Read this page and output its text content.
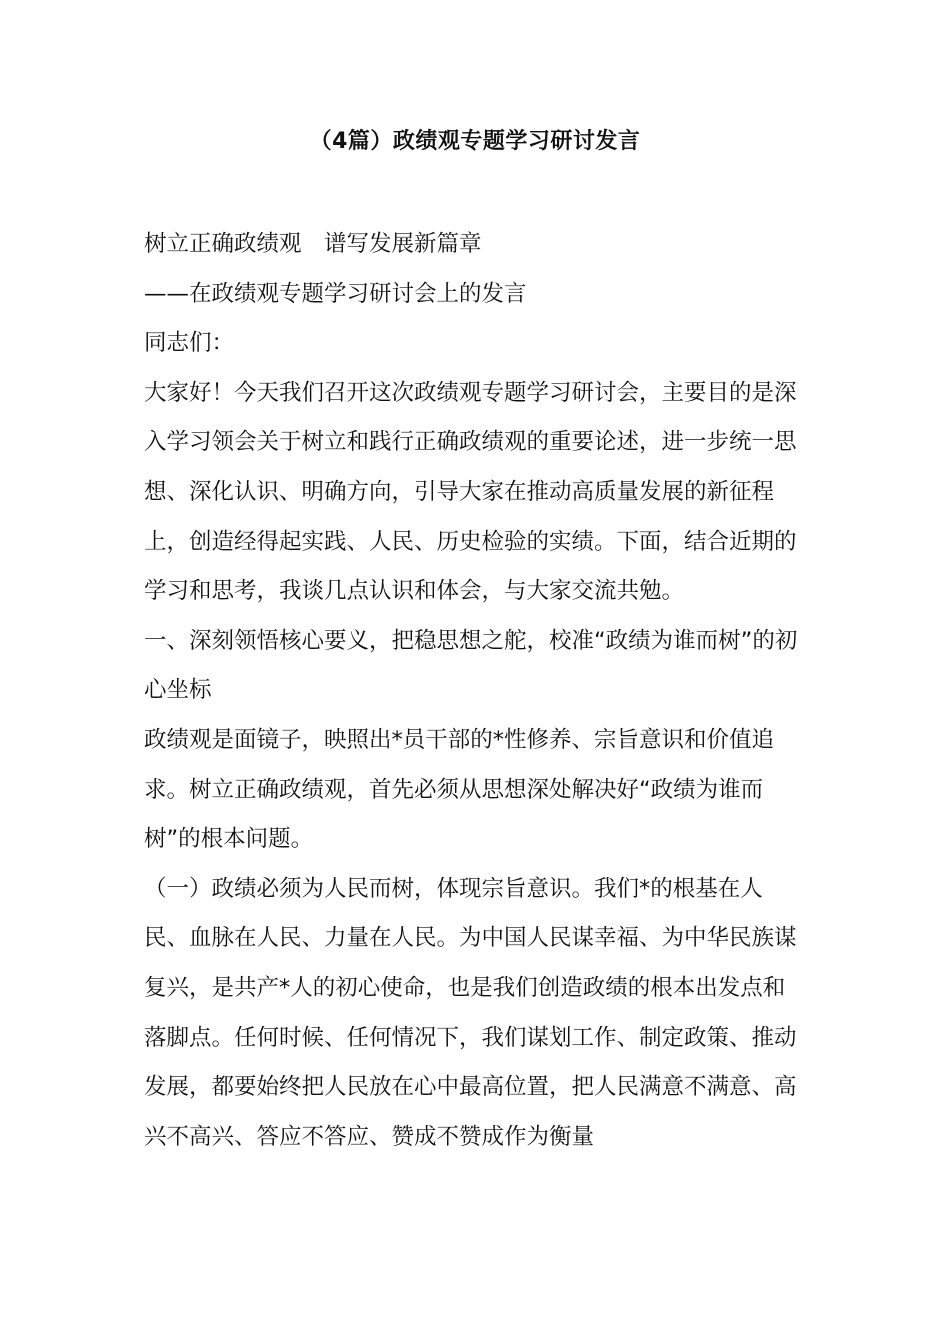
（4篇）政绩观专题学习研讨发言

树立正确政绩观　谱写发展新篇章

——在政绩观专题学习研讨会上的发言

同志们：

大家好！今天我们召开这次政绩观专题学习研讨会，主要目的是深入学习领会关于树立和践行正确政绩观的重要论述，进一步统一思想、深化认识、明确方向，引导大家在推动高质量发展的新征程上，创造经得起实践、人民、历史检验的实绩。下面，结合近期的学习和思考，我谈几点认识和体会，与大家交流共勉。

一、深刻领悟核心要义，把稳思想之舵，校准“政绩为谁而树”的初心坐标

政绩观是面镜子，映照出*员干部的*性修养、宗旨意识和价值追求。树立正确政绩观，首先必须从思想深处解决好“政绩为谁而树”的根本问题。

（一）政绩必须为人民而树，体现宗旨意识。我们*的根基在人民、血脉在人民、力量在人民。为中国人民谋幸福、为中华民族谋复兴，是共产*人的初心使命，也是我们创造政绩的根本出发点和落脚点。任何时候、任何情况下，我们谋划工作、制定政策、推动发展，都要始终把人民放在心中最高位置，把人民满意不满意、高兴不高兴、答应不答应、赞成不赞成作为衡量
